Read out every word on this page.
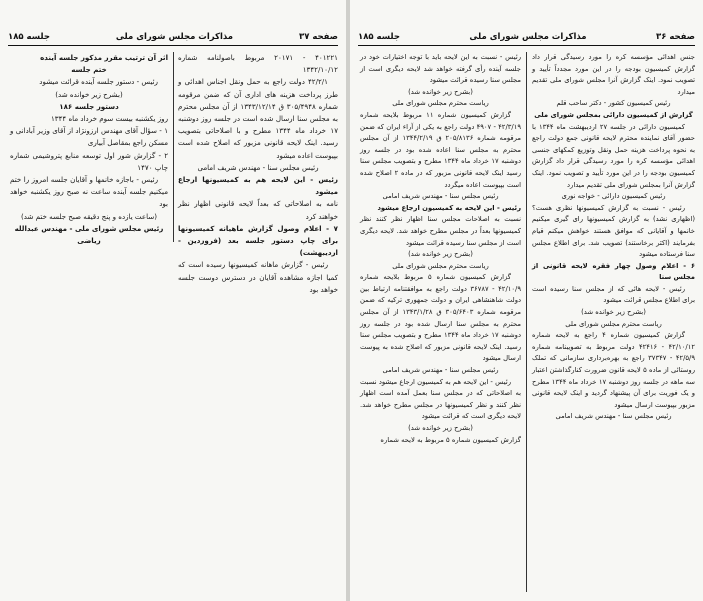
صفحه ۳۷
مذاکرات مجلس شورای ملی
جلسه ۱۸۵

۴۰۱۲۲۱ - ۲۰۱۷۱ مربوط باصولنامه شماره ۱۳۴۲/۱۰/۱۲

۴۲/۲/۱ دولت راجع به حمل ونقل اجناس اهدائی و طرز پرداخت هزینه های اداری آن که ضمن مرقومه شماره ۳۰۵/۴۹۴۸ ق ۱۳۴۳/۱۲/۱۴ از آن مجلس محترم به مجلس سنا ارسال شده است در جلسه روز دوشنبه ۱۷ خرداد ماه ۱۳۴۴ مطرح و با اصلاحاتی بتصویب رسید. اینک لایحه قانونی مزبور که اصلاح شده است بپیوست اعاده میشود

رئیس مجلس سنا - مهندس شریف امامی

رئیس - این لایحه هم به کمیسیونها ارجاع میشود

نامه به اصلاحاتی که بعداً لایحه قانونی اظهار نظر خواهند کرد

۷ - اعلام وصول گزارش ماهیانه کمیسیونها برای چاپ دستور جلسه بعد (فروردین - اردیبهشت)

رئیس - گزارش ماهانه کمیسیونها رسیده است که کمیا اجازه مشاهده آقایان در دسترس دوست جلسه خواهد بود

اثر آن ترتیب مقرر مذکور جلسه آینده

ختم جلسه

رئیس - دستور جلسه آینده قرائت میشود

(بشرح زیر خوانده شد)

دستور جلسه ۱۸۶

روز یکشنبه بیست سوم خرداد ماه ۱۳۴۴

۱ - سؤال آقای مهندس ارزونژاد از آقای وزیر آبادانی و مسکن راجع بمقاصل آبیاری

۲ - گزارش شور اول توسعه منابع پتروشیمی شماره چاپ ۱۴۷۰

رئیس - باجازه خانمها و آقایان جلسه امروز را ختم میکنیم جلسه آینده ساعت نه صبح روز یکشنبه خواهد بود

(ساعت یازده و پنج دقیقه صبح جلسه ختم شد)

رئیس مجلس شورای ملی - مهندس عبدالله ریاضی

صفحه ۳۶
مذاکرات مجلس شورای ملی
جلسه ۱۸۵

جنس اهدائی مؤسسه کره را مورد رسیدگی قرار داد گزارش کمیسیون بودجه را در این مورد مجدداً تأیید و تصویب نمود. اینک گزارش آنرا مجلس شورای ملی تقدیم میدارد

رئیس کمیسیون کشور - دکتر ساحب قلم

گزارش از کمیسیون دارائی بمجلس شورای ملی

کمیسیون دارائی در جلسه ۲۷ اردیبهشت ماه ۱۳۴۴ با حضور آقای نماینده محترم لایحه قانونی جمع دولت راجع به نحوه پرداخت هزینه حمل ونقل وتوزیع کمکهای جنسی اهدائی مؤسسه کره را مورد رسیدگی قرار داد گزارش کمیسیون بودجه را در این مورد تأیید و تصویب نمود. اینک گزارش آنرا بمجلس شورای ملی تقدیم میدارد

رئیس کمیسیون دارائی - خواجه نوری

رئیس - نسبت به گزارش کمیسیونها نظری هست؟ (اظهاری نشد) به گزارش کمیسیونها رای گیری میکنیم خانمها و آقایانی که موافق هستند خواهش میکنم قیام بفرمایند (اکثر برخاستند) تصویب شد. برای اطلاع مجلس سنا فرستاده میشود

۶ - اعلام وصول چهار فقره لایحه قانونی از مجلس سنا

رئیس - لایحه هائی که از مجلس سنا رسیده است برای اطلاع مجلس قرائت میشود

(بشرح زیر خوانده شد)

ریاست محترم مجلس شورای ملی

گزارش کمیسیون شماره ۴ راجع به لایحه شماره ۴۲/۱۰/۱۲ - ۴۲۴۱۶ دولت مربوط به تصویبنامه شماره ۴۲/۵/۹ - ۳۷۳۴۷ راجع به بهره‌برداری سازمانی که تملک روستائی از ماده ۵ لایحه قانون ضرورت کنارگذاشتن اعتبار سه ماهه در جلسه روز دوشنبه ۱۷ خرداد ماه ۱۳۴۴ مطرح و یک فوریت برای آن پیشنهاد گردید و اینک لایحه قانونی مزبور بپیوست ارسال میشود

رئیس مجلس سنا - مهندس شریف امامی

رئیس - نسبت به این لایحه باید با توجه اختیارات خود در جلسه آینده رأی گرفته خواهد شد لایحه دیگری است از مجلس سنا رسیده قرائت میشود

(بشرح زیر خوانده شد)

ریاست محترم مجلس شورای ملی

گزارش کمیسیون شماره ۱۱ مربوط بلایحه شماره ۴۲/۳/۱۹ - ۴۹۰۷ دولت راجع به یکی از آراء ایران که ضمن مرقومه شماره ۲۰۵/۸۱۳۶ ق ۱۳۴۴/۲/۱۹ از آن مجلس محترم به مجلس سنا اعاده شده بود در جلسه روز دوشنبه ۱۷ خرداد ماه ۱۳۴۴ مطرح و بتصویب مجلس سنا رسید اینک لایحه قانونی مزبور که در ماده ۲ اصلاح شده است بپیوست اعاده میگردد

رئیس مجلس سنا - مهندس شریف امامی

رئیس - این لایحه به کمیسیون ارجاع میشود

نسبت به اصلاحات مجلس سنا اظهار نظر کنند نظر کمیسیونها بعداً در مجلس مطرح خواهد شد. لایحه دیگری است از مجلس سنا رسیده قرائت میشود

(بشرح زیر خوانده شد)

ریاست محترم مجلس شورای ملی

گزارش کمیسیون شماره ۵ مربوط بلایحه شماره ۴۲/۱۰/۹ - ۳۶۷۸۷ دولت راجع به موافقتنامه ارتباط بین دولت شاهنشاهی ایران و دولت جمهوری ترکیه که ضمن مرقومه شماره ۳۰۵/۶۴۰۳ ق ۱۳۴۳/۱/۲۸ از آن مجلس محترم به مجلس سنا ارسال شده بود در جلسه روز دوشنبه ۱۷ خرداد ماه ۱۳۴۴ مطرح و بتصویب مجلس سنا رسید. اینک لایحه قانونی مزبور که اصلاح شده به پیوست ارسال میشود

رئیس مجلس سنا - مهندس شریف امامی

رئیس - این لایحه هم به کمیسیون ارجاع میشود نسبت به اصلاحاتی که در مجلس سنا بعمل آمده است اظهار نظر کنند و نظر کمیسیونها در مجلس مطرح خواهد شد. لایحه دیگری است که قرائت میشود

(بشرح زیر خوانده شد)

گزارش کمیسیون شماره ۵ مربوط به لایحه شماره
